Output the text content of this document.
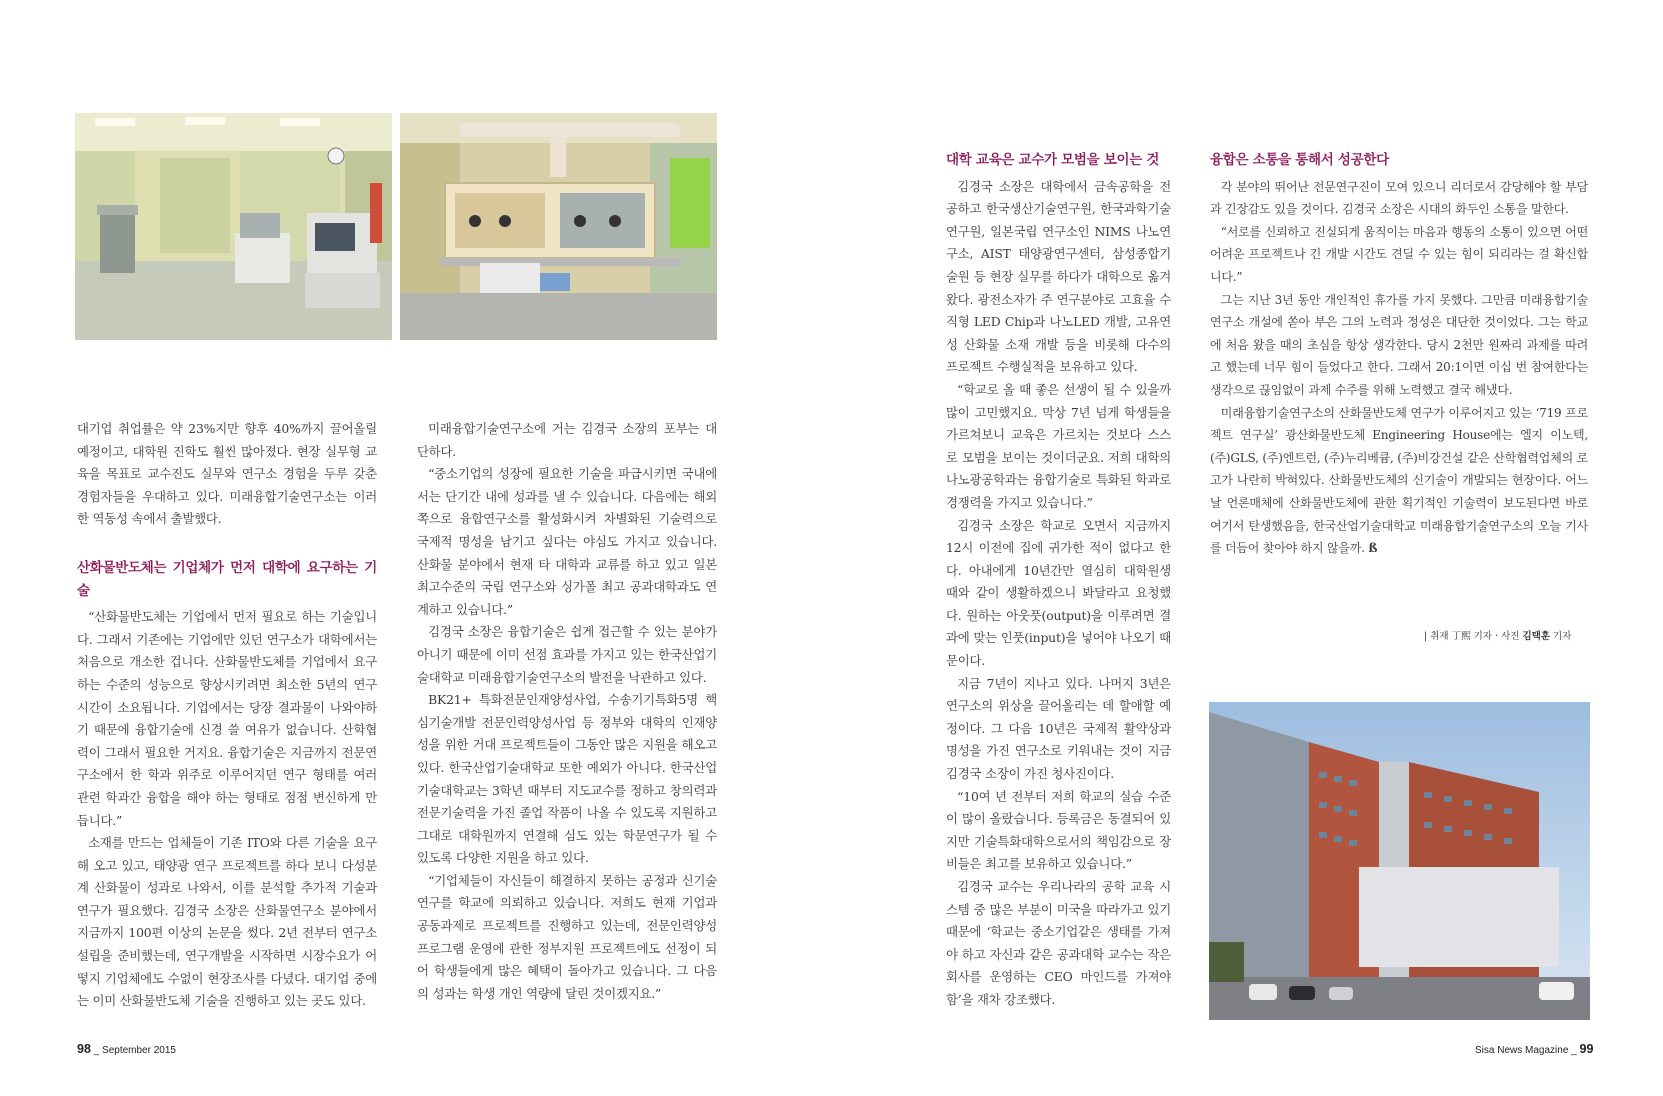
대기업 취업률은 약 23%지만 향후 40%까지 끌어올릴 예정이고, 대학원 진학도 훨씬 많아졌다. 현장 실무형 교육을 목표로 교수진도 실무와 연구소 경험을 두루 갖춘 경험자들을 우대하고 있다. 미래융합기술연구소는 이러한 역동성 속에서 출발했다.

산화물반도체는 기업체가 먼저 대학에 요구하는 기술

“산화물반도체는 기업에서 먼저 필요로 하는 기술입니다. 그래서 기존에는 기업에만 있던 연구소가 대학에서는 처음으로 개소한 겁니다. 산화물반도체를 기업에서 요구하는 수준의 성능으로 향상시키려면 최소한 5년의 연구 시간이 소요됩니다. 기업에서는 당장 결과물이 나와야하기 때문에 융합기술에 신경 쓸 여유가 없습니다. 산학협력이 그래서 필요한 거지요. 융합기술은 지금까지 전문연구소에서 한 학과 위주로 이루어지던 연구 형태를 여러 관련 학과간 융합을 해야 하는 형태로 점점 변신하게 만듭니다.”

소재를 만드는 업체들이 기존 ITO와 다른 기술을 요구해 오고 있고, 태양광 연구 프로젝트를 하다 보니 다성분계 산화물이 성과로 나와서, 이를 분석할 추가적 기술과 연구가 필요했다. 김경국 소장은 산화물연구소 분야에서 지금까지 100편 이상의 논문을 썼다. 2년 전부터 연구소 설립을 준비했는데, 연구개발을 시작하면 시장수요가 어떻지 기업체에도 수없이 현장조사를 다녔다. 대기업 중에는 이미 산화물반도체 기술을 진행하고 있는 곳도 있다.

미래융합기술연구소에 거는 김경국 소장의 포부는 대단하다.

“중소기업의 성장에 필요한 기술을 파급시키면 국내에서는 단기간 내에 성과를 낼 수 있습니다. 다음에는 해외 쪽으로 융합연구소를 활성화시켜 차별화된 기술력으로 국제적 명성을 남기고 싶다는 야심도 가지고 있습니다. 산화물 분야에서 현재 타 대학과 교류를 하고 있고 일본 최고수준의 국립 연구소와 싱가폴 최고 공과대학과도 연계하고 있습니다.”

김경국 소장은 융합기술은 쉽게 접근할 수 있는 분야가 아니기 때문에 이미 선점 효과를 가지고 있는 한국산업기술대학교 미래융합기술연구소의 발전을 낙관하고 있다.

BK21+ 특화전문인재양성사업, 수송기기특화5명 핵심기술개발 전문인력양성사업 등 정부와 대학의 인재양성을 위한 거대 프로젝트들이 그동안 많은 지원을 해오고 있다. 한국산업기술대학교 또한 예외가 아니다. 한국산업기술대학교는 3학년 때부터 지도교수를 정하고 창의력과 전문기술력을 가진 졸업 작품이 나올 수 있도록 지원하고 그대로 대학원까지 연결해 심도 있는 학문연구가 될 수 있도록 다양한 지원을 하고 있다.

“기업체들이 자신들이 해결하지 못하는 공정과 신기술 연구를 학교에 의뢰하고 있습니다. 저희도 현재 기업과 공동과제로 프로젝트를 진행하고 있는데, 전문인력양성 프로그램 운영에 관한 정부지원 프로젝트에도 선정이 되어 학생들에게 많은 혜택이 돌아가고 있습니다. 그 다음의 성과는 학생 개인 역량에 달린 것이겠지요.”

대학 교육은 교수가 모범을 보이는 것

김경국 소장은 대학에서 금속공학을 전공하고 한국생산기술연구원, 한국과학기술연구원, 일본국립 연구소인 NIMS 나노연구소, AIST 태양광연구센터, 삼성종합기술원 등 현장 실무를 하다가 대학으로 옮겨왔다. 광전소자가 주 연구분야로 고효율 수직형 LED Chip과 나노LED 개발, 고유연성 산화물 소재 개발 등을 비롯해 다수의 프로젝트 수행실적을 보유하고 있다.

“학교로 올 때 좋은 선생이 될 수 있을까 많이 고민했지요. 막상 7년 넘게 학생들을 가르쳐보니 교육은 가르치는 것보다 스스로 모범을 보이는 것이더군요. 저희 대학의 나노광공학과는 융합기술로 특화된 학과로 경쟁력을 가지고 있습니다.”

김경국 소장은 학교로 오면서 지금까지 12시 이전에 집에 귀가한 적이 없다고 한다. 아내에게 10년간만 열심히 대학원생 때와 같이 생활하겠으니 봐달라고 요청했다. 원하는 아웃풋(output)을 이루려면 결과에 맞는 인풋(input)을 넣어야 나오기 때문이다.

지금 7년이 지나고 있다. 나머지 3년은 연구소의 위상을 끌어올리는 데 할애할 예정이다. 그 다음 10년은 국제적 활약상과 명성을 가진 연구소로 키워내는 것이 지금 김경국 소장이 가진 청사진이다.

“10여 년 전부터 저희 학교의 실습 수준이 많이 올랐습니다. 등록금은 동결되어 있지만 기술특화대학으로서의 책임감으로 장비들은 최고를 보유하고 있습니다.”

김경국 교수는 우리나라의 공학 교육 시스템 중 많은 부분이 미국을 따라가고 있기 때문에 ‘학교는 중소기업같은 생태를 가져야 하고 자신과 같은 공과대학 교수는 작은 회사를 운영하는 CEO 마인드를 가져야 함’을 재차 강조했다.

융합은 소통을 통해서 성공한다

각 분야의 뛰어난 전문연구진이 모여 있으니 리더로서 감당해야 할 부담과 긴장감도 있을 것이다. 김경국 소장은 시대의 화두인 소통을 말한다.

“서로를 신뢰하고 진실되게 움직이는 마음과 행동의 소통이 있으면 어떤 어려운 프로젝트나 긴 개발 시간도 견딜 수 있는 힘이 되리라는 걸 확신합니다.”

그는 지난 3년 동안 개인적인 휴가를 가지 못했다. 그만큼 미래융합기술연구소 개설에 쏟아 부은 그의 노력과 정성은 대단한 것이었다. 그는 학교에 처음 왔을 때의 초심을 항상 생각한다. 당시 2천만 원짜리 과제를 따려고 했는데 너무 힘이 들었다고 한다. 그래서 20:1이면 이십 번 참여한다는 생각으로 끊임없이 과제 수주를 위해 노력했고 결국 해냈다.

미래융합기술연구소의 산화물반도체 연구가 이루어지고 있는 ‘719 프로젝트 연구실’ 광산화물반도체 Engineering House에는 엘지 이노텍, (주)GLS, (주)엔트런, (주)누리베큠, (주)비강건설 같은 산학협력업체의 로고가 나란히 박혀있다. 산화물반도체의 신기술이 개발되는 현장이다. 어느 날 언론매체에 산화물반도체에 관한 획기적인 기술력이 보도된다면 바로 여기서 탄생했음을, 한국산업기술대학교 미래융합기술연구소의 오늘 기사를 더듬어 찾아야 하지 않을까. ß

| 취재 丁熙 기자 · 사진 김택훈 기자
98 _ September 2015	Sisa News Magazine _ 99
